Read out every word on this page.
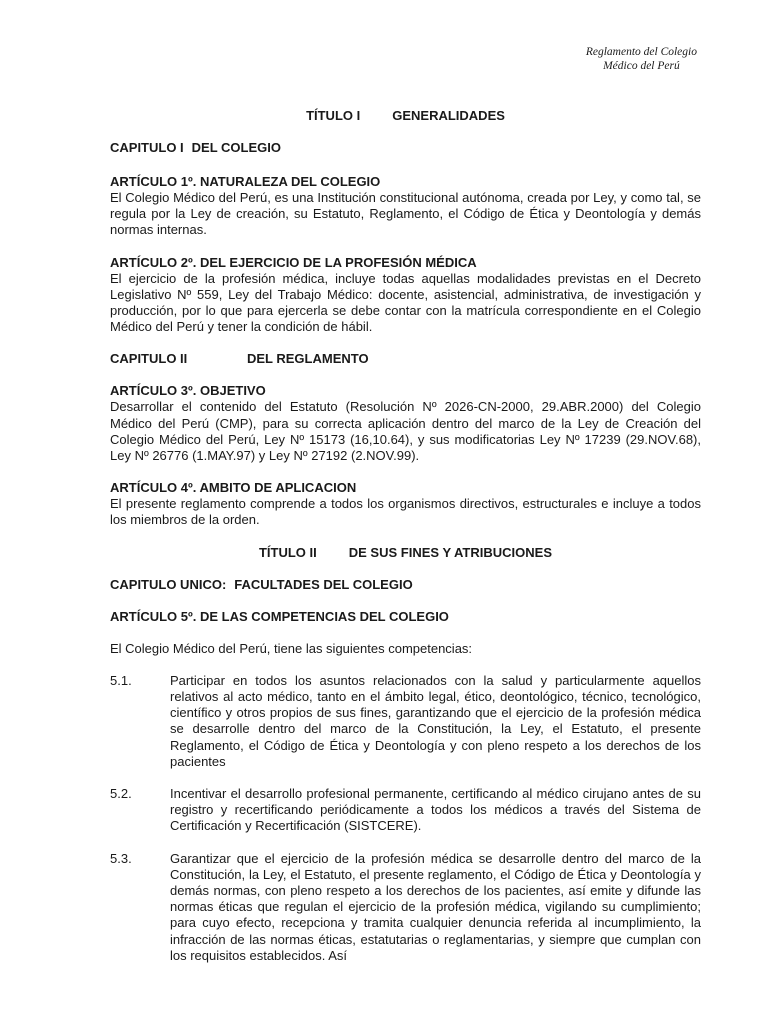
Reglamento del Colegio
Médico del Perú
TÍTULO I GENERALIDADES
CAPITULO I DEL COLEGIO
ARTÍCULO 1º. NATURALEZA DEL COLEGIO
El Colegio Médico del Perú, es una Institución constitucional autónoma, creada por Ley, y como tal, se regula por la Ley de creación, su Estatuto, Reglamento, el Código de Ética y Deontología y demás normas internas.
ARTÍCULO 2º. DEL EJERCICIO DE LA PROFESIÓN MÉDICA
El ejercicio de la profesión médica, incluye todas aquellas modalidades previstas en el Decreto Legislativo Nº 559, Ley del Trabajo Médico: docente, asistencial, administrativa, de investigación y producción, por lo que para ejercerla se debe contar con la matrícula correspondiente en el Colegio Médico del Perú y tener la condición de hábil.
CAPITULO II	DEL REGLAMENTO
ARTÍCULO 3º. OBJETIVO
Desarrollar el contenido del Estatuto (Resolución Nº 2026-CN-2000, 29.ABR.2000) del Colegio Médico del Perú (CMP), para su correcta aplicación dentro del marco de la Ley de Creación del Colegio Médico del Perú, Ley Nº 15173 (16,10.64), y sus modificatorias Ley Nº 17239 (29.NOV.68), Ley Nº 26776 (1.MAY.97) y Ley Nº 27192 (2.NOV.99).
ARTÍCULO 4º. AMBITO DE APLICACION
El presente reglamento comprende a todos los organismos directivos, estructurales e incluye a todos los miembros de la orden.
TÍTULO II DE SUS FINES Y ATRIBUCIONES
CAPITULO UNICO: FACULTADES DEL COLEGIO
ARTÍCULO 5º. DE LAS COMPETENCIAS DEL COLEGIO
El Colegio Médico del Perú, tiene las siguientes competencias:
5.1.	Participar en todos los asuntos relacionados con la salud y particularmente aquellos relativos al acto médico, tanto en el ámbito legal, ético, deontológico, técnico, tecnológico, científico y otros propios de sus fines, garantizando que el ejercicio de la profesión médica se desarrolle dentro del marco de la Constitución, la Ley, el Estatuto, el presente Reglamento, el Código de Ética y Deontología y con pleno respeto a los derechos de los pacientes
5.2.	Incentivar el desarrollo profesional permanente, certificando al médico cirujano antes de su registro y recertificando periódicamente a todos los médicos a través del Sistema de Certificación y Recertificación (SISTCERE).
5.3.	Garantizar que el ejercicio de la profesión médica se desarrolle dentro del marco de la Constitución, la Ley, el Estatuto, el presente reglamento, el Código de Ética y Deontología y demás normas, con pleno respeto a los derechos de los pacientes, así emite y difunde las normas éticas que regulan el ejercicio de la profesión médica, vigilando su cumplimiento; para cuyo efecto, recepciona y tramita cualquier denuncia referida al incumplimiento, la infracción de las normas éticas, estatutarias o reglamentarias, y siempre que cumplan con los requisitos establecidos. Así
